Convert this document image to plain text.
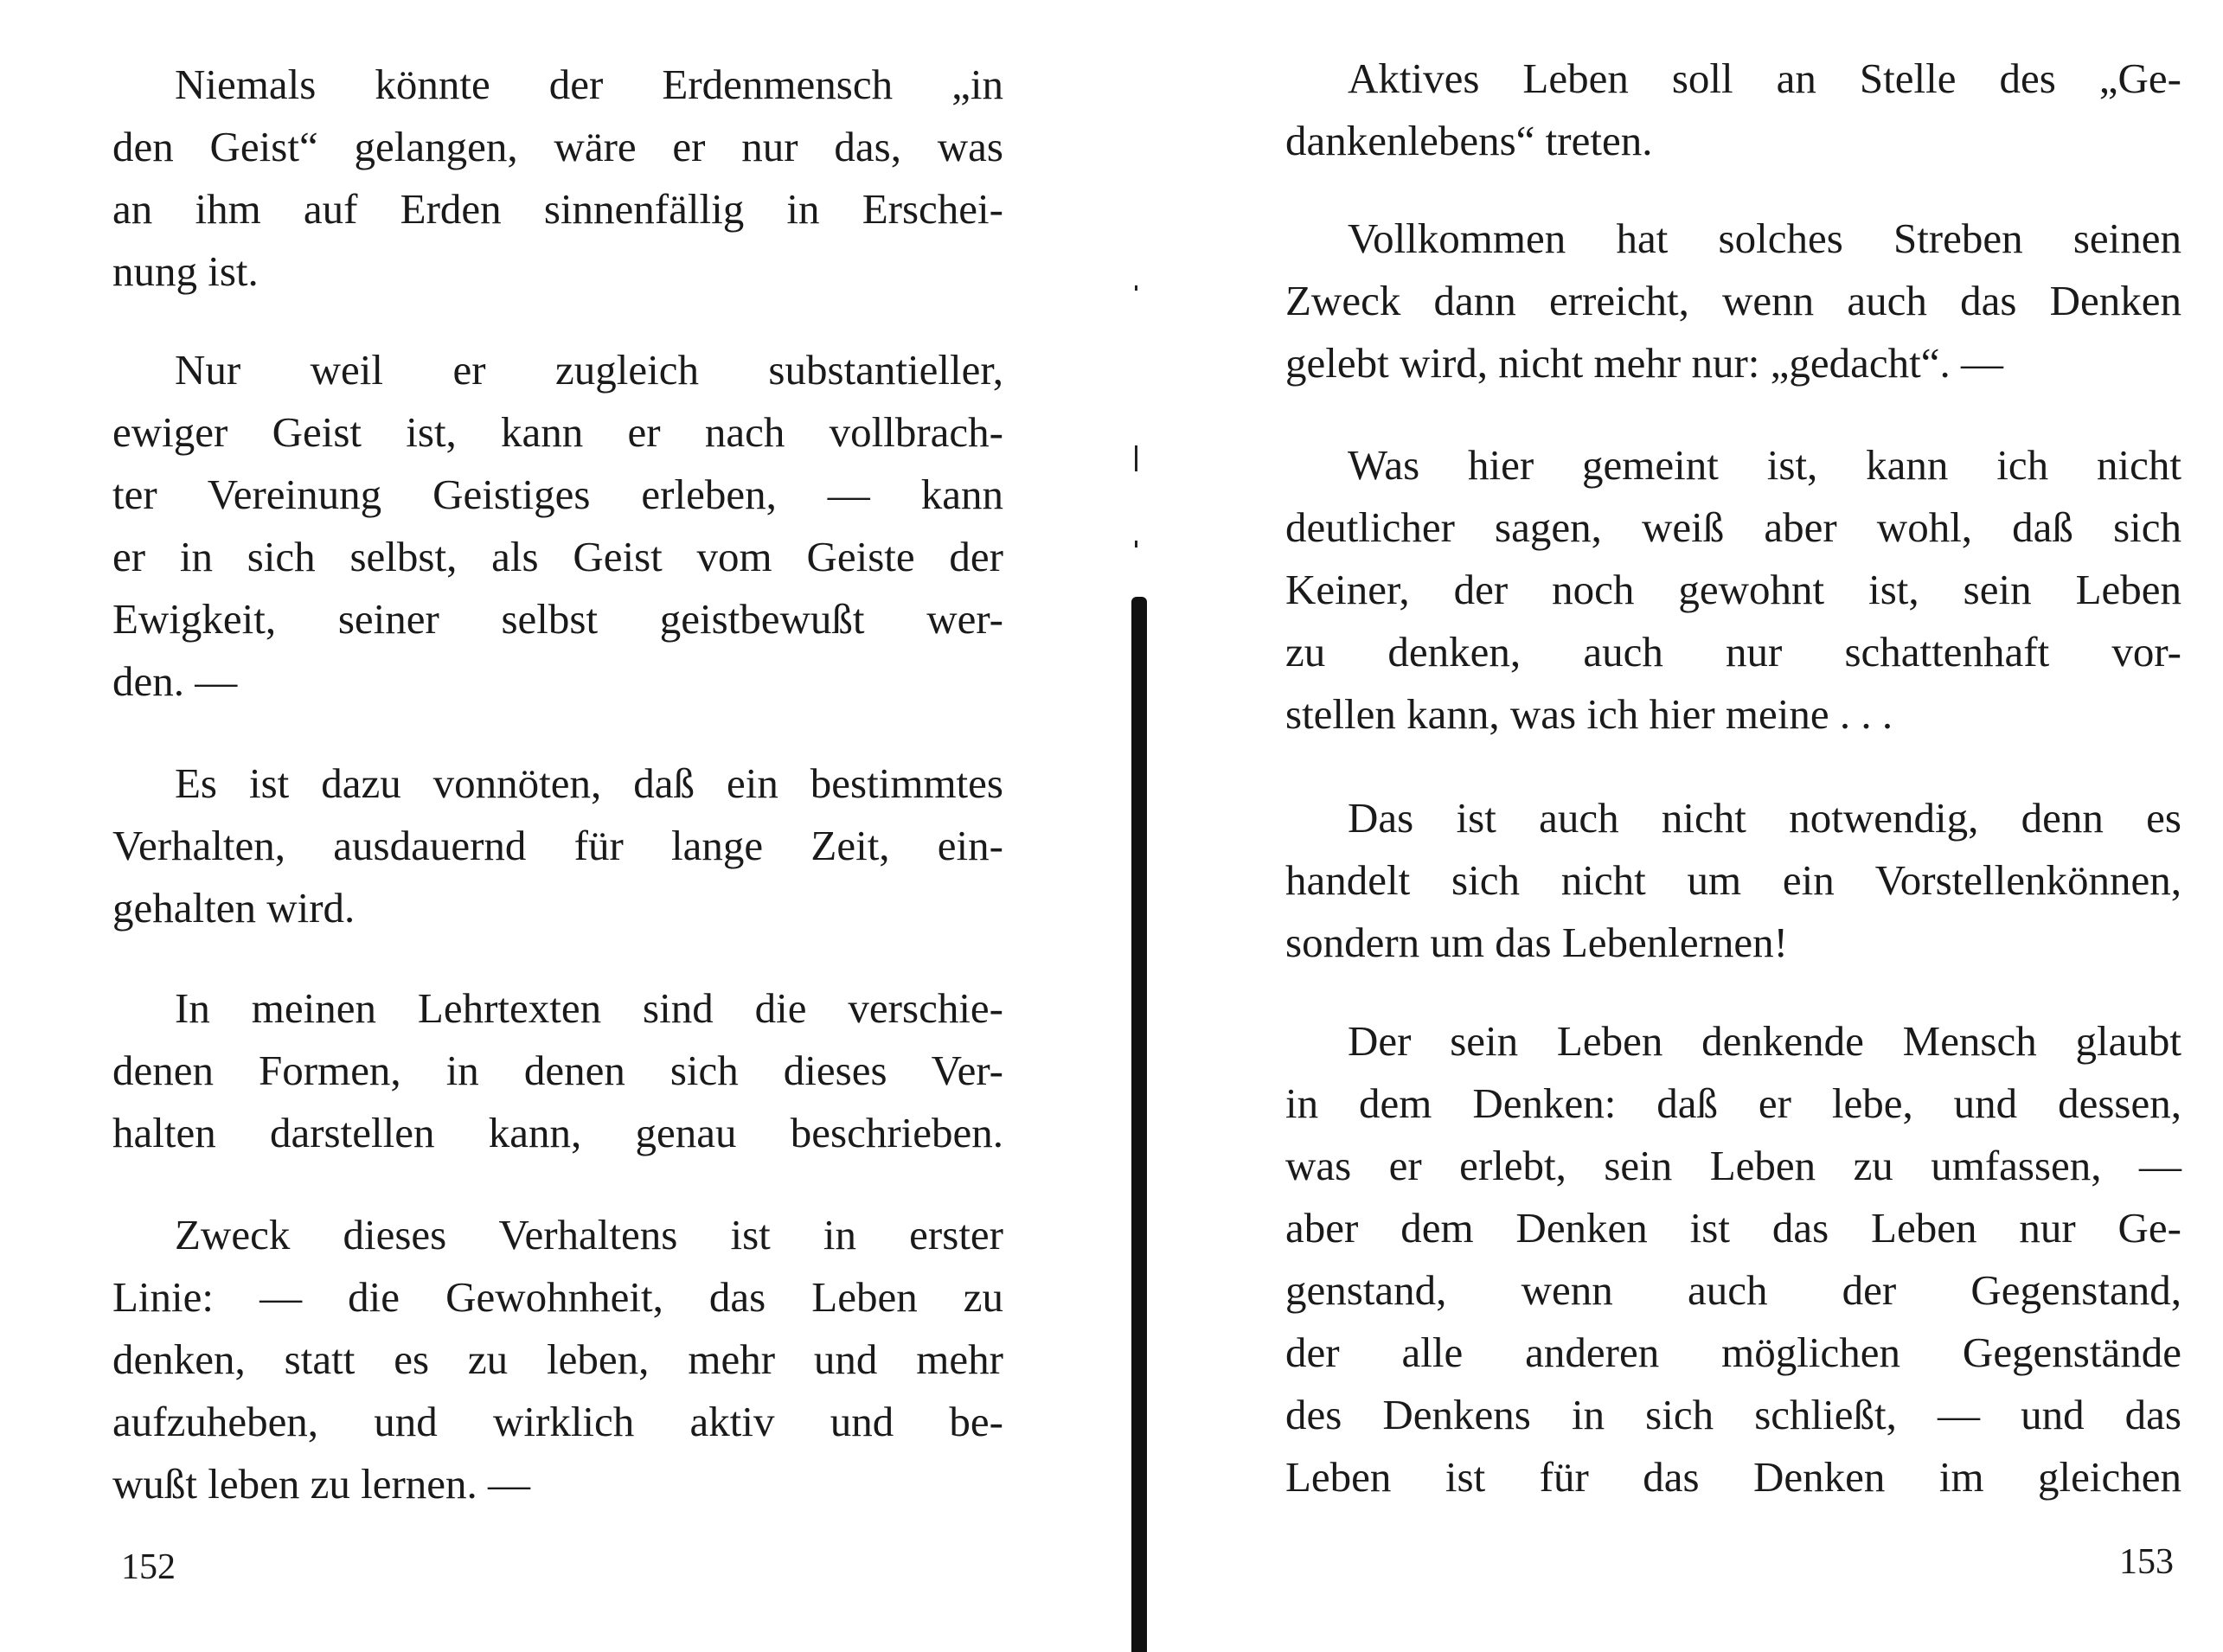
Niemals könnte der Erdenmensch „in
den Geist“ gelangen, wäre er nur das, was
an ihm auf Erden sinnenfällig in Erschei-
nung ist.

Nur weil er zugleich substantieller,
ewiger Geist ist, kann er nach vollbrach-
ter Vereinung Geistiges erleben, — kann
er in sich selbst, als Geist vom Geiste der
Ewigkeit, seiner selbst geistbewußt wer-
den. —

Es ist dazu vonnöten, daß ein bestimmtes
Verhalten, ausdauernd für lange Zeit, ein-
gehalten wird.

In meinen Lehrtexten sind die verschie-
denen Formen, in denen sich dieses Ver-
halten darstellen kann, genau beschrieben.

Zweck dieses Verhaltens ist in erster
Linie: — die Gewohnheit, das Leben zu
denken, statt es zu leben, mehr und mehr
aufzuheben, und wirklich aktiv und be-
wußt leben zu lernen. —

152

Aktives Leben soll an Stelle des „Ge-
dankenlebens“ treten.

Vollkommen hat solches Streben seinen
Zweck dann erreicht, wenn auch das Denken
gelebt wird, nicht mehr nur: „gedacht“. —

Was hier gemeint ist, kann ich nicht
deutlicher sagen, weiß aber wohl, daß sich
Keiner, der noch gewohnt ist, sein Leben
zu denken, auch nur schattenhaft vor-
stellen kann, was ich hier meine . . .

Das ist auch nicht notwendig, denn es
handelt sich nicht um ein Vorstellenkönnen,
sondern um das Lebenlernen!

Der sein Leben denkende Mensch glaubt
in dem Denken: daß er lebe, und dessen,
was er erlebt, sein Leben zu umfassen, —
aber dem Denken ist das Leben nur Ge-
genstand, wenn auch der Gegenstand,
der alle anderen möglichen Gegenstände
des Denkens in sich schließt, — und das
Leben ist für das Denken im gleichen

153
